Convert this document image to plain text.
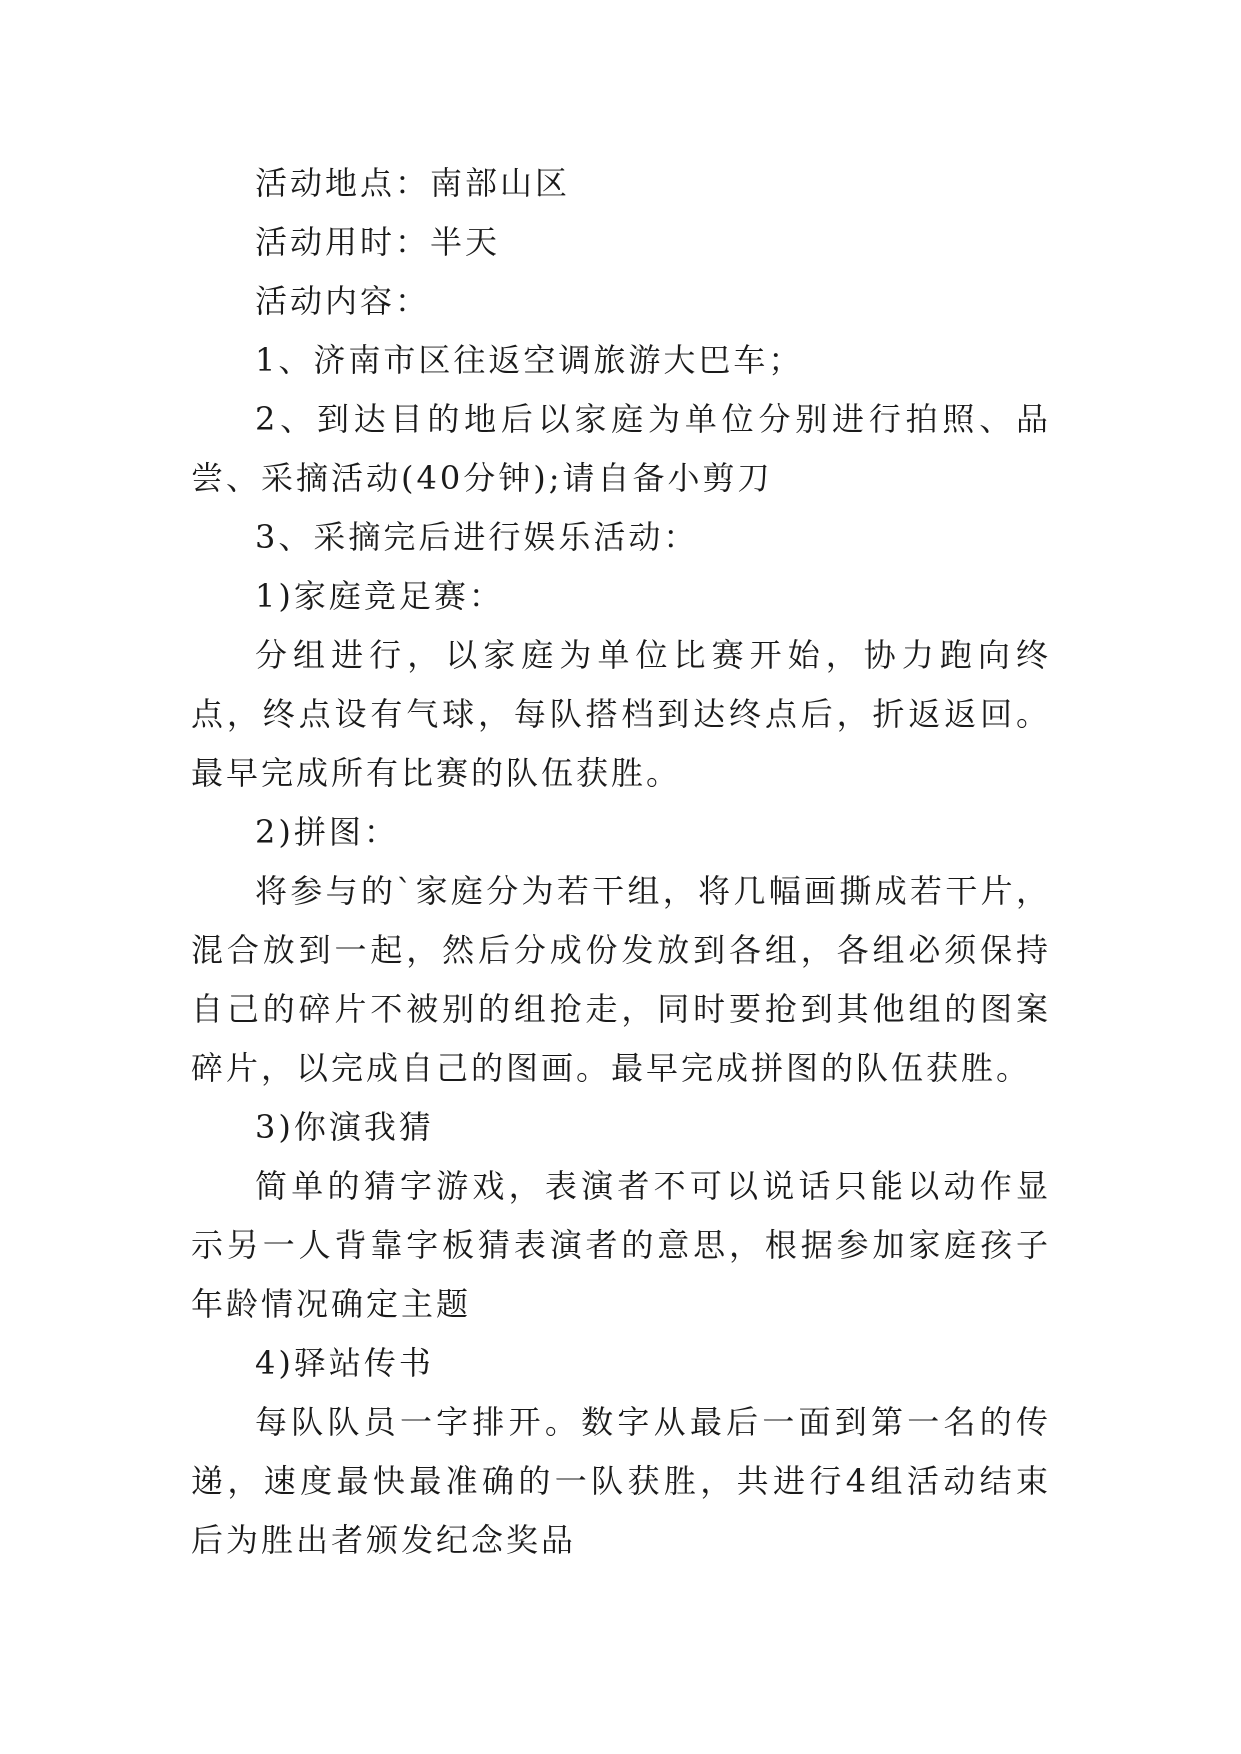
活动地点：南部山区

活动用时：半天

活动内容：

1、济南市区往返空调旅游大巴车；

2、到达目的地后以家庭为单位分别进行拍照、品尝、采摘活动(40分钟);请自备小剪刀

3、采摘完后进行娱乐活动：

1)家庭竞足赛：

分组进行，以家庭为单位比赛开始，协力跑向终点，终点设有气球，每队搭档到达终点后，折返返回。最早完成所有比赛的队伍获胜。

2)拼图：

将参与的`家庭分为若干组，将几幅画撕成若干片，混合放到一起，然后分成份发放到各组，各组必须保持自己的碎片不被别的组抢走，同时要抢到其他组的图案碎片，以完成自己的图画。最早完成拼图的队伍获胜。

3)你演我猜

简单的猜字游戏，表演者不可以说话只能以动作显示另一人背靠字板猜表演者的意思，根据参加家庭孩子年龄情况确定主题

4)驿站传书

每队队员一字排开。数字从最后一面到第一名的传递，速度最快最准确的一队获胜，共进行4组活动结束后为胜出者颁发纪念奖品
